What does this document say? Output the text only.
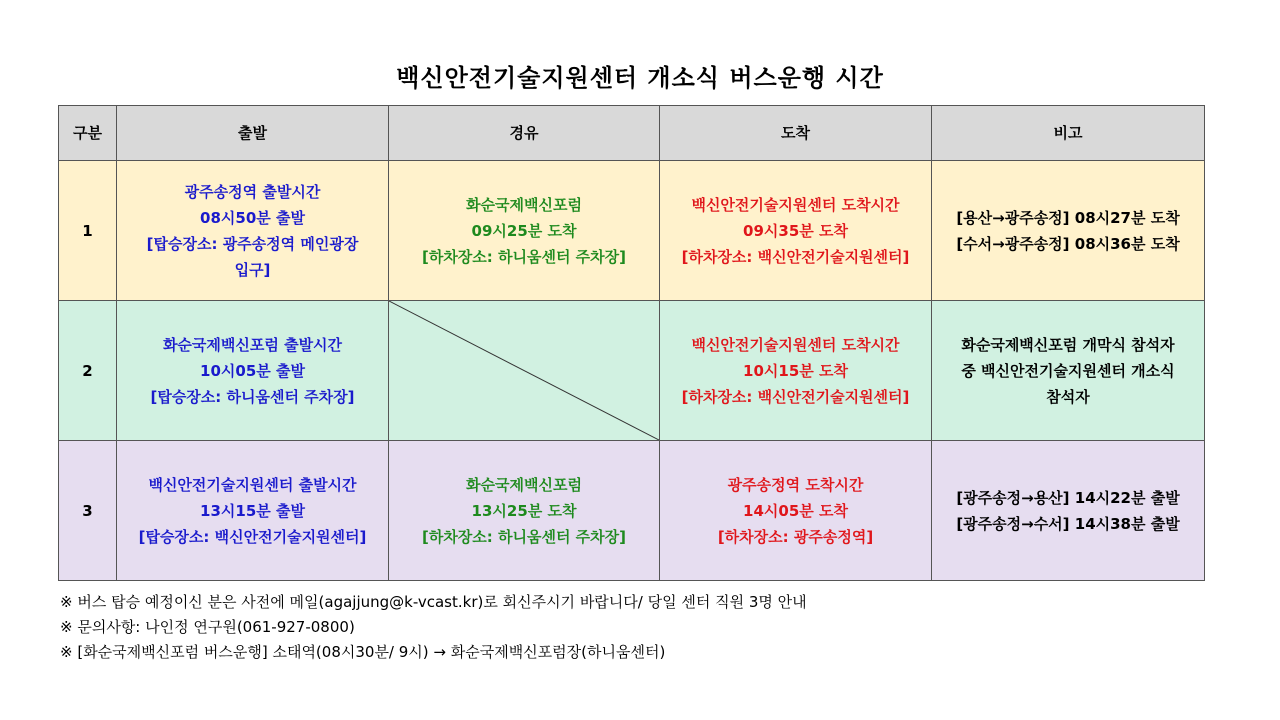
백신안전기술지원센터 개소식 버스운행 시간
구분	출발	경유	도착	비고
1	광주송정역 출발시간
08시50분 출발
[탑승장소: 광주송정역 메인광장
입구]	화순국제백신포럼
09시25분 도착
[하차장소: 하니움센터 주차장]	백신안전기술지원센터 도착시간
09시35분 도착
[하차장소: 백신안전기술지원센터]	[용산→광주송정] 08시27분 도착
[수서→광주송정] 08시36분 도착

2	화순국제백신포럼 출발시간
10시05분 출발
[탑승장소: 하니움센터 주차장]		백신안전기술지원센터 도착시간
10시15분 도착
[하차장소: 백신안전기술지원센터]	화순국제백신포럼 개막식 참석자
중 백신안전기술지원센터 개소식
참석자

3	백신안전기술지원센터 출발시간
13시15분 출발
[탑승장소: 백신안전기술지원센터]	화순국제백신포럼
13시25분 도착
[하차장소: 하니움센터 주차장]	광주송정역 도착시간
14시05분 도착
[하차장소: 광주송정역]	[광주송정→용산] 14시22분 출발
[광주송정→수서] 14시38분 출발
※ 버스 탑승 예정이신 분은 사전에 메일(agajjung@k-vcast.kr)로 회신주시기 바랍니다/ 당일 센터 직원 3명 안내
※ 문의사항: 나인정 연구원(061-927-0800)
※ [화순국제백신포럼 버스운행] 소태역(08시30분/ 9시) → 화순국제백신포럼장(하니움센터)
